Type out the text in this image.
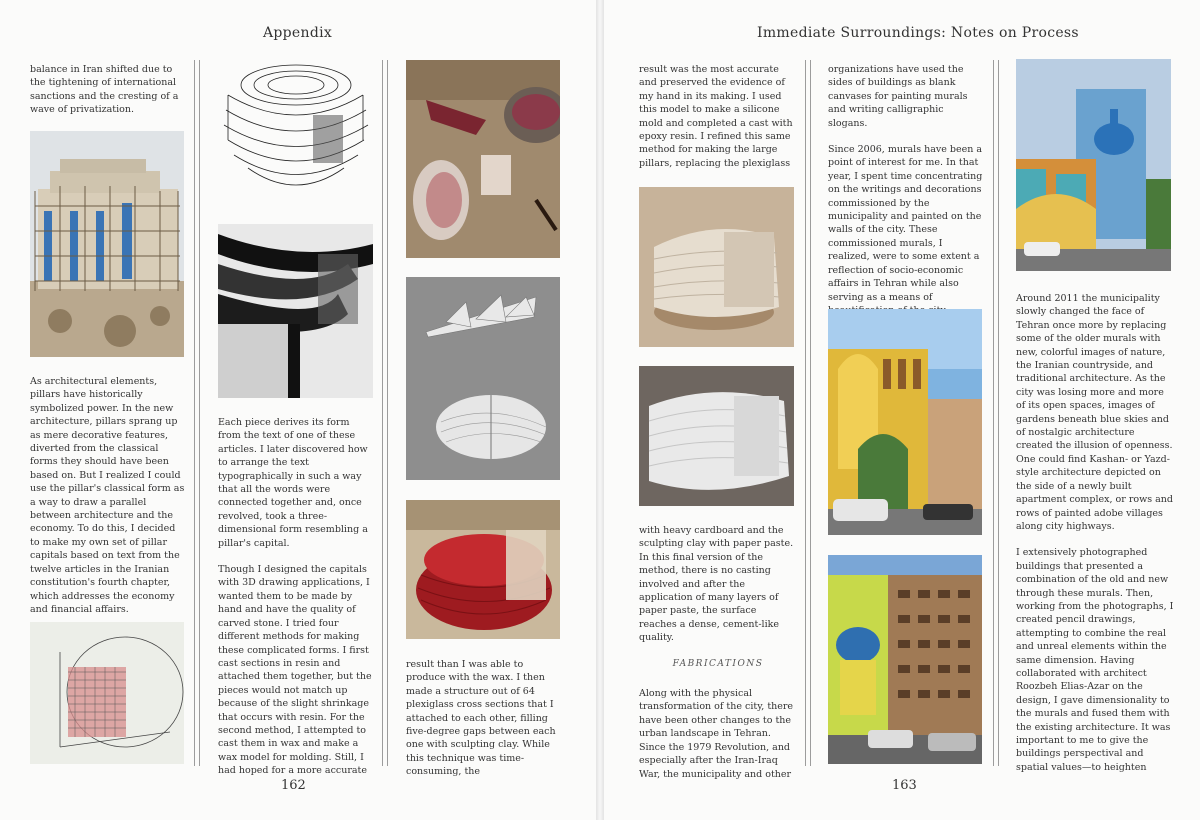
Appendix

balance in Iran shifted due to the tightening of international sanctions and the cresting of a wave of privatization.

As architectural elements, pillars have historically symbolized power. In the new architecture, pillars sprang up as mere decorative features, diverted from the classical forms they should have been based on. But I realized I could use the pillar's classical form as a way to draw a parallel between architecture and the economy. To do this, I decided to make my own set of pillar capitals based on text from the twelve articles in the Iranian constitution's fourth chapter, which addresses the economy and financial affairs.

Each piece derives its form from the text of one of these articles. I later discovered how to arrange the text typographically in such a way that all the words were connected together and, once revolved, took a three-dimensional form resembling a pillar's capital.

Though I designed the capitals with 3D drawing applications, I wanted them to be made by hand and have the quality of carved stone. I tried four different methods for making these complicated forms. I first cast sections in resin and attached them together, but the pieces would not match up because of the slight shrinkage that occurs with resin. For the second method, I attempted to cast them in wax and make a wax model for molding. Still, I had hoped for a more accurate

result than I was able to produce with the wax. I then made a structure out of 64 plexiglass cross sections that I attached to each other, filling five-degree gaps between each one with sculpting clay. While this technique was time-consuming, the

162
Immediate Surroundings: Notes on Process

result was the most accurate and preserved the evidence of my hand in its making. I used this model to make a silicone mold and completed a cast with epoxy resin. I refined this same method for making the large pillars, replacing the plexiglass

with heavy cardboard and the sculpting clay with paper paste. In this final version of the method, there is no casting involved and after the application of many layers of paper paste, the surface reaches a dense, cement-like quality.

FABRICATIONS

Along with the physical transformation of the city, there have been other changes to the urban landscape in Tehran. Since the 1979 Revolution, and especially after the Iran-Iraq War, the municipality and other

organizations have used the sides of buildings as blank canvases for painting murals and writing calligraphic slogans.

Since 2006, murals have been a point of interest for me. In that year, I spent time concentrating on the writings and decorations commissioned by the municipality and painted on the walls of the city. These commissioned murals, I realized, were to some extent a reflection of socio-economic affairs in Tehran while also serving as a means of	Around 2011 the municipality slowly changed the face of Tehran once more by replacing some of the older murals with new, colorful images of nature, the Iranian countryside, and traditional architecture. As the city was losing more and more of its open spaces, images of gardens beneath blue skies and of nostalgic architecture created the illusion of openness. One could find Kashan- or Yazd-style architecture depicted on the side of a newly built apartment complex, or rows and rows of painted adobe villages along city highways.

I extensively photographed buildings that presented a combination of the old and new through these murals. Then, working from the photographs, I created pencil drawings, attempting to combine the real and unreal elements within the same dimension. Having collaborated with architect Roozbeh Elias-Azar on the design, I gave dimensionality to the murals and fused them with the existing architecture. It was important to me to give the buildings perspectival and spatial values—to heighten

163
